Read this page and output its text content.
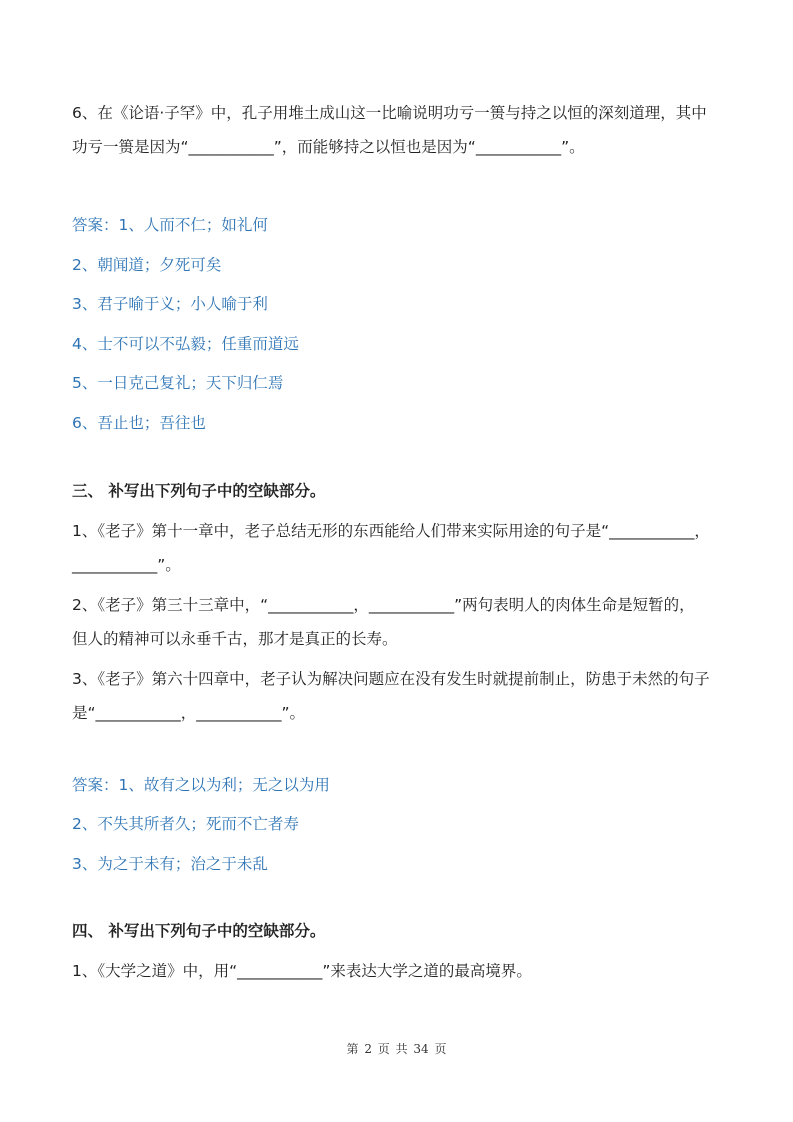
6、在《论语·子罕》中，孔子用堆土成山这一比喻说明功亏一篑与持之以恒的深刻道理，其中

功亏一篑是因为“___________”，而能够持之以恒也是因为“___________”。

答案：1、人而不仁；如礼何

2、朝闻道；夕死可矣

3、君子喻于义；小人喻于利

4、士不可以不弘毅；任重而道远

5、一日克己复礼；天下归仁焉

6、吾止也；吾往也

三、 补写出下列句子中的空缺部分。

1、《老子》第十一章中，老子总结无形的东西能给人们带来实际用途的句子是“___________，
___________”。
2、《老子》第三十三章中，“___________，___________”两句表明人的肉体生命是短暂的，
但人的精神可以永垂千古，那才是真正的长寿。
3、《老子》第六十四章中，老子认为解决问题应在没有发生时就提前制止，防患于未然的句子
是“___________，___________”。

答案：1、故有之以为利；无之以为用

2、不失其所者久；死而不亡者寿

3、为之于未有；治之于未乱

四、 补写出下列句子中的空缺部分。

1、《大学之道》中，用“___________”来表达大学之道的最高境界。

第 2 页 共 34 页
